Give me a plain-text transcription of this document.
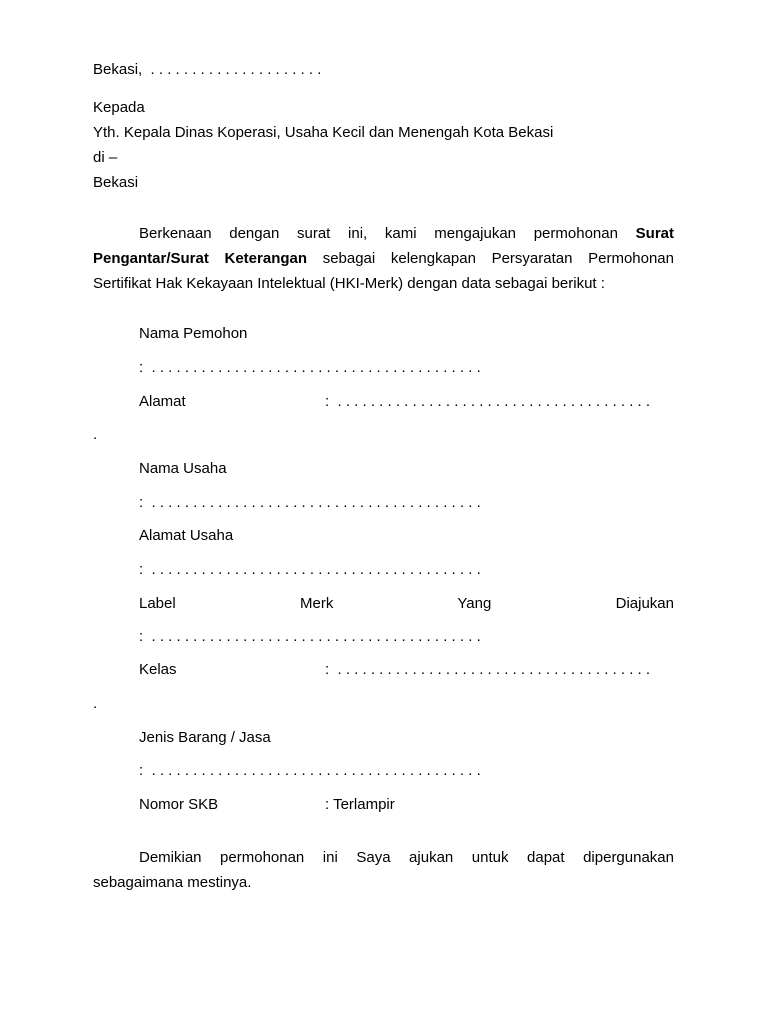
Bekasi,  . . . . . . . . . . . . . . . . . . . . .
Kepada
Yth. Kepala Dinas Koperasi, Usaha Kecil dan Menengah Kota Bekasi
di –
Bekasi
Berkenaan dengan surat ini, kami mengajukan permohonan Surat
Pengantar/Surat Keterangan sebagai kelengkapan Persyaratan Permohonan
Sertifikat Hak Kekayaan Intelektual (HKI-Merk) dengan data sebagai berikut :
Nama Pemohon
:  . . . . . . . . . . . . . . . . . . . . . . . . . . . . . . . . . . . . . . . .
Alamat	:  . . . . . . . . . . . . . . . . . . . . . . . . . . . . . . . . . . . . . .
.
Nama Usaha
:  . . . . . . . . . . . . . . . . . . . . . . . . . . . . . . . . . . . . . . . .
Alamat Usaha
:  . . . . . . . . . . . . . . . . . . . . . . . . . . . . . . . . . . . . . . . .
Label Merk Yang Diajukan
:  . . . . . . . . . . . . . . . . . . . . . . . . . . . . . . . . . . . . . . . .
Kelas	:  . . . . . . . . . . . . . . . . . . . . . . . . . . . . . . . . . . . . . .
.
Jenis Barang / Jasa
:  . . . . . . . . . . . . . . . . . . . . . . . . . . . . . . . . . . . . . . . .
Nomor SKB	: Terlampir
Demikian permohonan ini Saya ajukan untuk dapat dipergunakan
sebagaimana mestinya.
